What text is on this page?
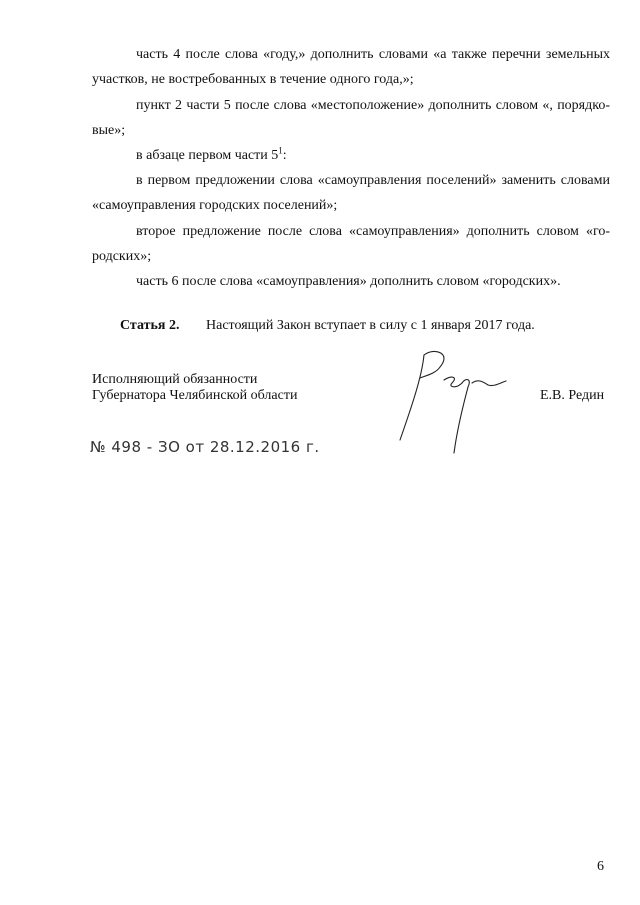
часть 4 после слова «году,» дополнить словами «а также перечни земельных
участков, не востребованных в течение одного года,»;
пункт 2 части 5 после слова «местоположение» дополнить словом «, порядко-
вые»;
в абзаце первом части $5^1$:
в первом предложении слова «самоуправления поселений» заменить словами
«самоуправления городских поселений»;
второе предложение после слова «самоуправления» дополнить словом «го-
родских»;
часть 6 после слова «самоуправления» дополнить словом «городских».
Статья 2. Настоящий Закон вступает в силу с 1 января 2017 года.
Исполняющий обязанности
Губернатора Челябинской области	Е.В. Редин
№ 498 - ЗО от 28.12.2016 г.
6
